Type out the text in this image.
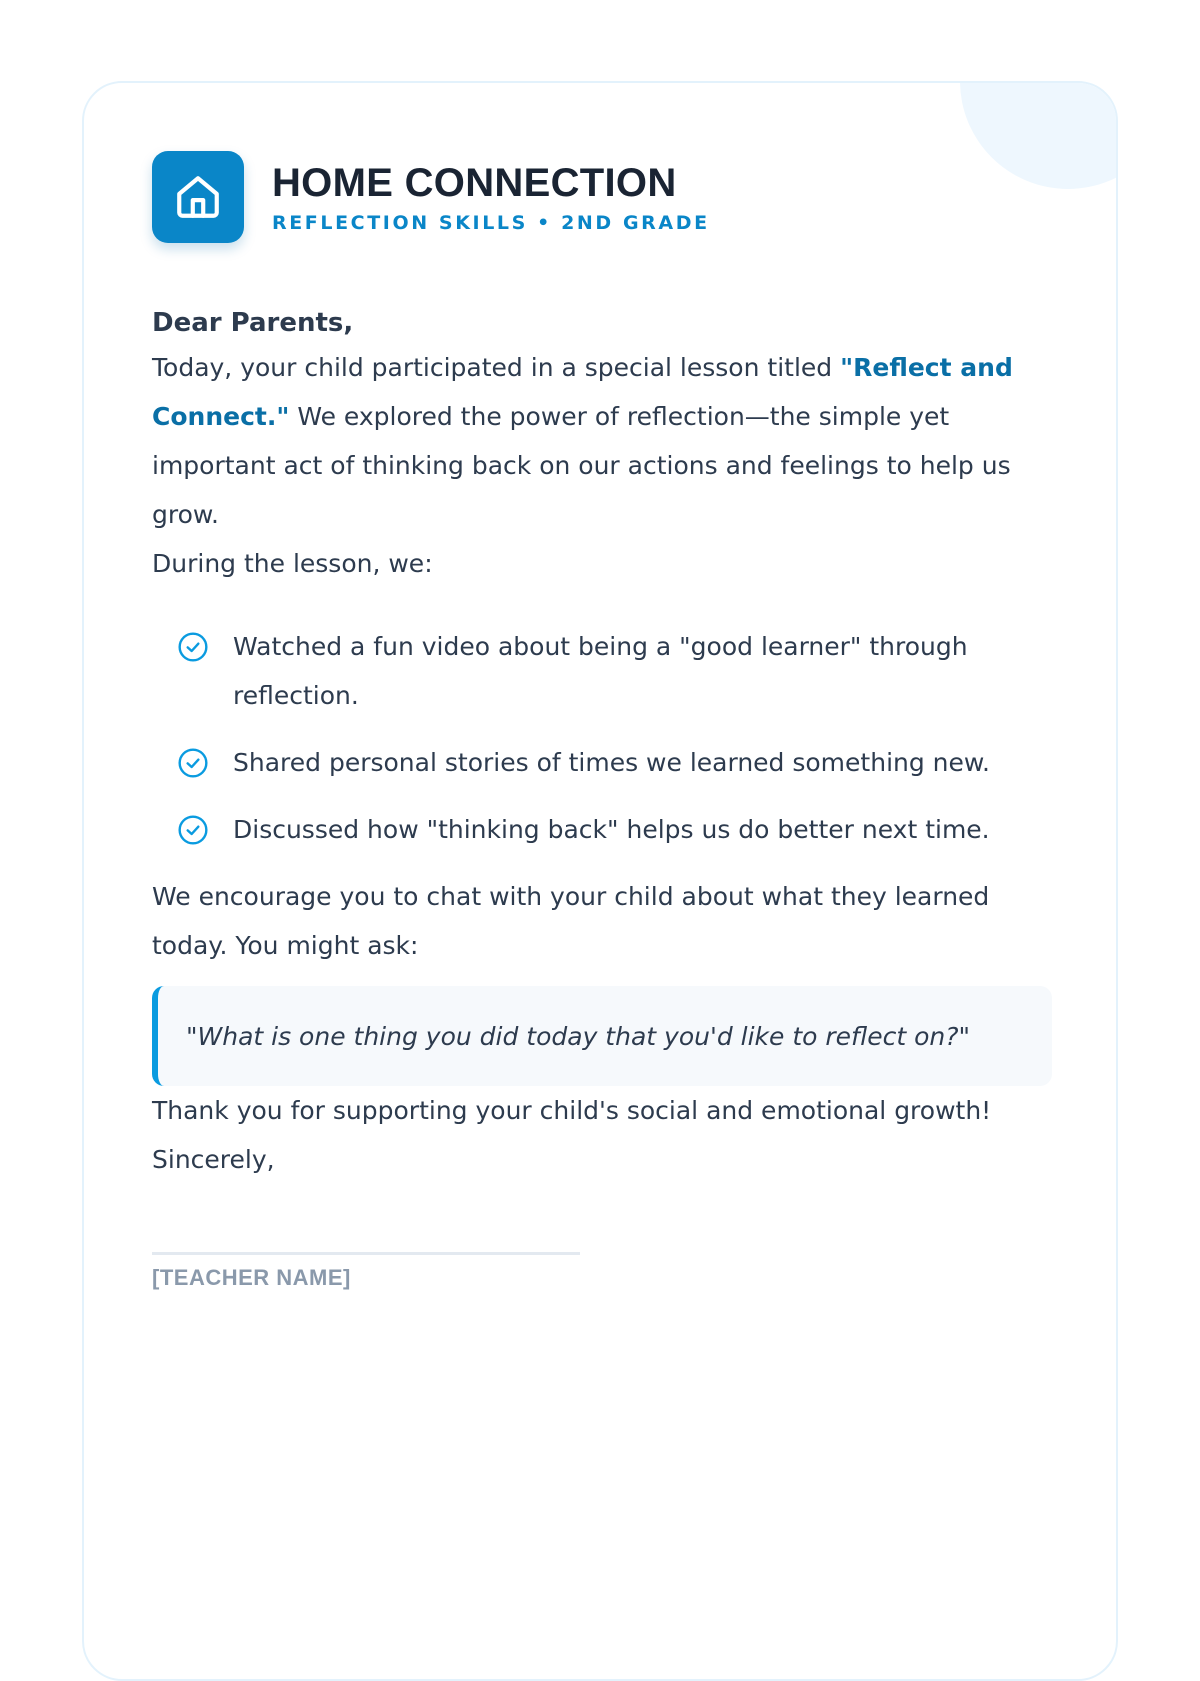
HOME CONNECTION
REFLECTION SKILLS • 2ND GRADE
Dear Parents,

Today, your child participated in a special lesson titled "Reflect and Connect." We explored the power of reflection—the simple yet important act of thinking back on our actions and feelings to help us grow.

During the lesson, we:

Watched a fun video about being a "good learner" through reflection.
Shared personal stories of times we learned something new.
Discussed how "thinking back" helps us do better next time.

We encourage you to chat with your child about what they learned today. You might ask:

"What is one thing you did today that you'd like to reflect on?"

Thank you for supporting your child's social and emotional growth!

Sincerely,

[TEACHER NAME]
